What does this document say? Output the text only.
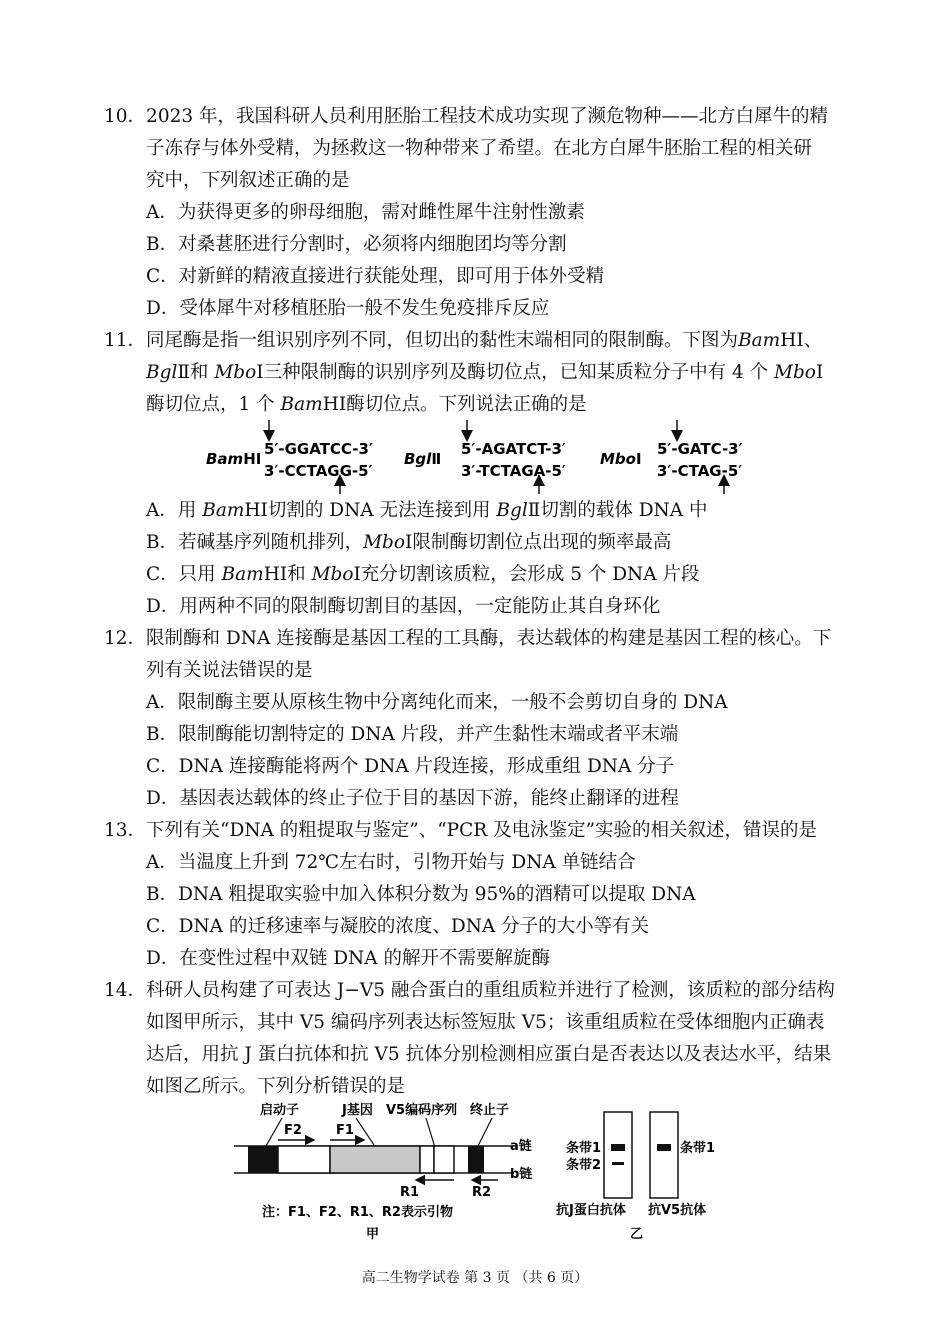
10．2023 年，我国科研人员利用胚胎工程技术成功实现了濒危物种——北方白犀牛的精
子冻存与体外受精，为拯救这一物种带来了希望。在北方白犀牛胚胎工程的相关研
究中，下列叙述正确的是
A．为获得更多的卵母细胞，需对雌性犀牛注射性激素
B．对桑葚胚进行分割时，必须将内细胞团均等分割
C．对新鲜的精液直接进行获能处理，即可用于体外受精
D．受体犀牛对移植胚胎一般不发生免疫排斥反应
11．同尾酶是指一组识别序列不同，但切出的黏性末端相同的限制酶。下图为BamHⅠ、
BglⅡ和 MboⅠ三种限制酶的识别序列及酶切位点，已知某质粒分子中有 4 个 MboⅠ
酶切位点，1 个 BamHⅠ酶切位点。下列说法正确的是
BamHⅠ
5′-GGATCC-3′
3′-CCTAGG-5′
BglⅡ
5′-AGATCT-3′
3′-TCTAGA-5′
MboⅠ
5′-GATC-3′
3′-CTAG-5′
A．用 BamHⅠ切割的 DNA 无法连接到用 BglⅡ切割的载体 DNA 中
B．若碱基序列随机排列，MboⅠ限制酶切割位点出现的频率最高
C．只用 BamHⅠ和 MboⅠ充分切割该质粒，会形成 5 个 DNA 片段
D．用两种不同的限制酶切割目的基因，一定能防止其自身环化
12．限制酶和 DNA 连接酶是基因工程的工具酶，表达载体的构建是基因工程的核心。下
列有关说法错误的是
A．限制酶主要从原核生物中分离纯化而来，一般不会剪切自身的 DNA
B．限制酶能切割特定的 DNA 片段，并产生黏性末端或者平末端
C．DNA 连接酶能将两个 DNA 片段连接，形成重组 DNA 分子
D．基因表达载体的终止子位于目的基因下游，能终止翻译的进程
13．下列有关“DNA 的粗提取与鉴定”、“PCR 及电泳鉴定”实验的相关叙述，错误的是
A．当温度上升到 72℃左右时，引物开始与 DNA 单链结合
B．DNA 粗提取实验中加入体积分数为 95%的酒精可以提取 DNA
C．DNA 的迁移速率与凝胶的浓度、DNA 分子的大小等有关
D．在变性过程中双链 DNA 的解开不需要解旋酶
14．科研人员构建了可表达 J−V5 融合蛋白的重组质粒并进行了检测，该质粒的部分结构
如图甲所示，其中 V5 编码序列表达标签短肽 V5；该重组质粒在受体细胞内正确表
达后，用抗 J 蛋白抗体和抗 V5 抗体分别检测相应蛋白是否表达以及表达水平，结果
如图乙所示。下列分析错误的是
启动子	J基因 V5编码序列 终止子
F2	F1
a链
b链
R1	R2
注：F1、F2、R1、R2表示引物
甲
条带1
条带2
条带1
抗J蛋白抗体 抗V5抗体
乙
高二生物学试卷 第 3 页 （共 6 页）
